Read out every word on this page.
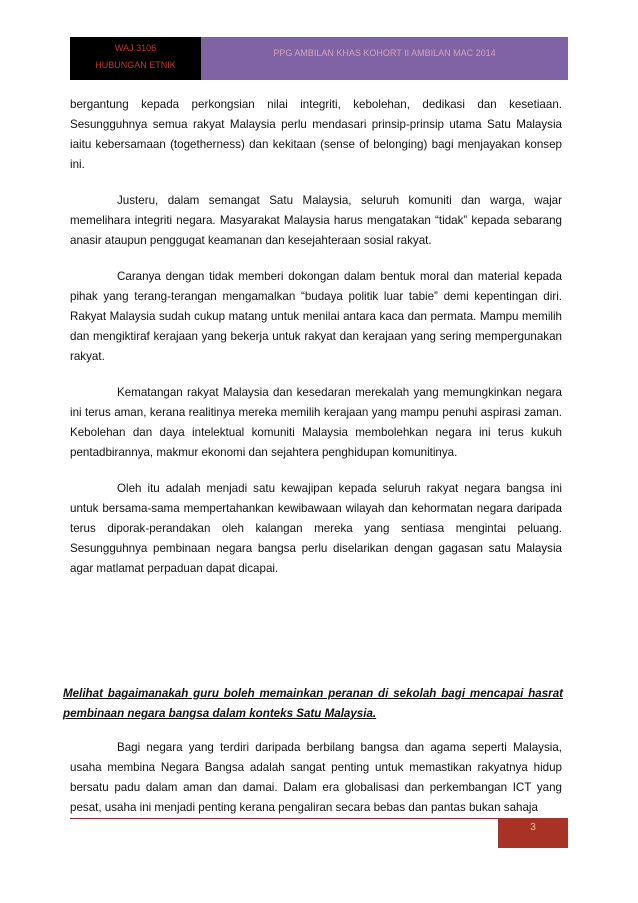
WAJ 3106
HUBUNGAN ETNIK
PPG AMBILAN KHAS KOHORT II AMBILAN MAC 2014

bergantung kepada perkongsian nilai integriti, kebolehan, dedikasi dan kesetiaan. Sesungguhnya semua rakyat Malaysia perlu mendasari prinsip-prinsip utama Satu Malaysia iaitu kebersamaan (togetherness) dan kekitaan (sense of belonging) bagi menjayakan konsep ini.

Justeru, dalam semangat Satu Malaysia, seluruh komuniti dan warga, wajar memelihara integriti negara. Masyarakat Malaysia harus mengatakan “tidak” kepada sebarang anasir ataupun penggugat keamanan dan kesejahteraan sosial rakyat.

Caranya dengan tidak memberi dokongan dalam bentuk moral dan material kepada pihak yang terang-terangan mengamalkan “budaya politik luar tabie” demi kepentingan diri. Rakyat Malaysia sudah cukup matang untuk menilai antara kaca dan permata. Mampu memilih dan mengiktiraf kerajaan yang bekerja untuk rakyat dan kerajaan yang sering mempergunakan rakyat.

Kematangan rakyat Malaysia dan kesedaran merekalah yang memungkinkan negara ini terus aman, kerana realitinya mereka memilih kerajaan yang mampu penuhi aspirasi zaman. Kebolehan dan daya intelektual komuniti Malaysia membolehkan negara ini terus kukuh pentadbirannya, makmur ekonomi dan sejahtera penghidupan komunitinya.

Oleh itu adalah menjadi satu kewajipan kepada seluruh rakyat negara bangsa ini untuk bersama-sama mempertahankan kewibawaan wilayah dan kehormatan negara daripada terus diporak-perandakan oleh kalangan mereka yang sentiasa mengintai peluang. Sesungguhnya pembinaan negara bangsa perlu diselarikan dengan gagasan satu Malaysia agar matlamat perpaduan dapat dicapai.

Melihat bagaimanakah guru boleh memainkan peranan di sekolah bagi mencapai hasrat pembinaan negara bangsa dalam konteks Satu Malaysia.

Bagi negara yang terdiri daripada berbilang bangsa dan agama seperti Malaysia, usaha membina Negara Bangsa adalah sangat penting untuk memastikan rakyatnya hidup bersatu padu dalam aman dan damai. Dalam era globalisasi dan perkembangan ICT yang pesat, usaha ini menjadi penting kerana pengaliran secara bebas dan pantas bukan sahaja

3
